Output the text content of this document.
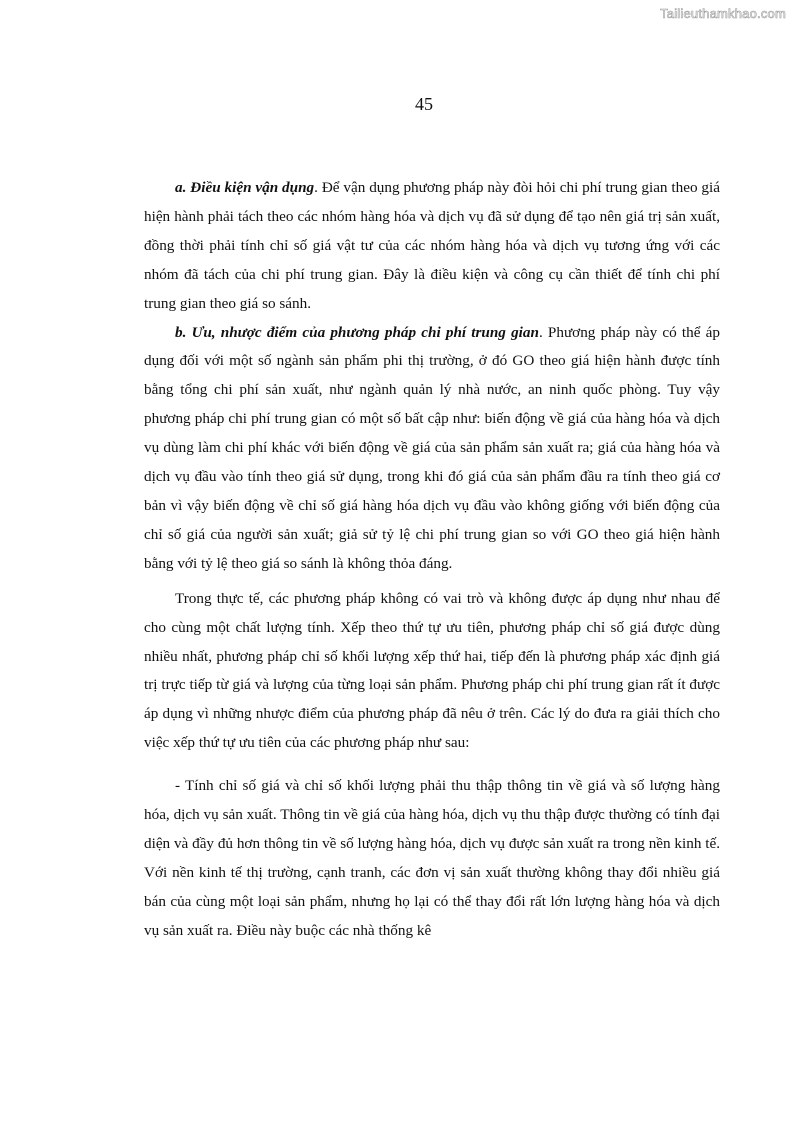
Tailieuthamkhao.com
45

a. Điều kiện vận dụng. Để vận dụng phương pháp này đòi hỏi chi phí trung gian theo giá hiện hành phải tách theo các nhóm hàng hóa và dịch vụ đã sử dụng để tạo nên giá trị sản xuất, đồng thời phải tính chỉ số giá vật tư của các nhóm hàng hóa và dịch vụ tương ứng với các nhóm đã tách của chi phí trung gian. Đây là điều kiện và công cụ cần thiết để tính chi phí trung gian theo giá so sánh.

b. Ưu, nhược điểm của phương pháp chi phí trung gian. Phương pháp này có thể áp dụng đối với một số ngành sản phẩm phi thị trường, ở đó GO theo giá hiện hành được tính bằng tổng chi phí sản xuất, như ngành quản lý nhà nước, an ninh quốc phòng. Tuy vậy phương pháp chi phí trung gian có một số bất cập như: biến động về giá của hàng hóa và dịch vụ dùng làm chi phí khác với biến động về giá của sản phẩm sản xuất ra; giá của hàng hóa và dịch vụ đầu vào tính theo giá sử dụng, trong khi đó giá của sản phẩm đầu ra tính theo giá cơ bản vì vậy biến động về chỉ số giá hàng hóa dịch vụ đầu vào không giống với biến động của chỉ số giá của người sản xuất; giả sử tỷ lệ chi phí trung gian so với GO theo giá hiện hành bằng với tỷ lệ theo giá so sánh là không thỏa đáng.

Trong thực tế, các phương pháp không có vai trò và không được áp dụng như nhau để cho cùng một chất lượng tính. Xếp theo thứ tự ưu tiên, phương pháp chỉ số giá được dùng nhiều nhất, phương pháp chỉ số khối lượng xếp thứ hai, tiếp đến là phương pháp xác định giá trị trực tiếp từ giá và lượng của từng loại sản phẩm. Phương pháp chi phí trung gian rất ít được áp dụng vì những nhược điểm của phương pháp đã nêu ở trên. Các lý do đưa ra giải thích cho việc xếp thứ tự ưu tiên của các phương pháp như sau:

- Tính chỉ số giá và chỉ số khối lượng phải thu thập thông tin về giá và số lượng hàng hóa, dịch vụ sản xuất. Thông tin về giá của hàng hóa, dịch vụ thu thập được thường có tính đại diện và đầy đủ hơn thông tin về số lượng hàng hóa, dịch vụ được sản xuất ra trong nền kinh tế. Với nền kinh tế thị trường, cạnh tranh, các đơn vị sản xuất thường không thay đổi nhiều giá bán của cùng một loại sản phẩm, nhưng họ lại có thể thay đổi rất lớn lượng hàng hóa và dịch vụ sản xuất ra. Điều này buộc các nhà thống kê
